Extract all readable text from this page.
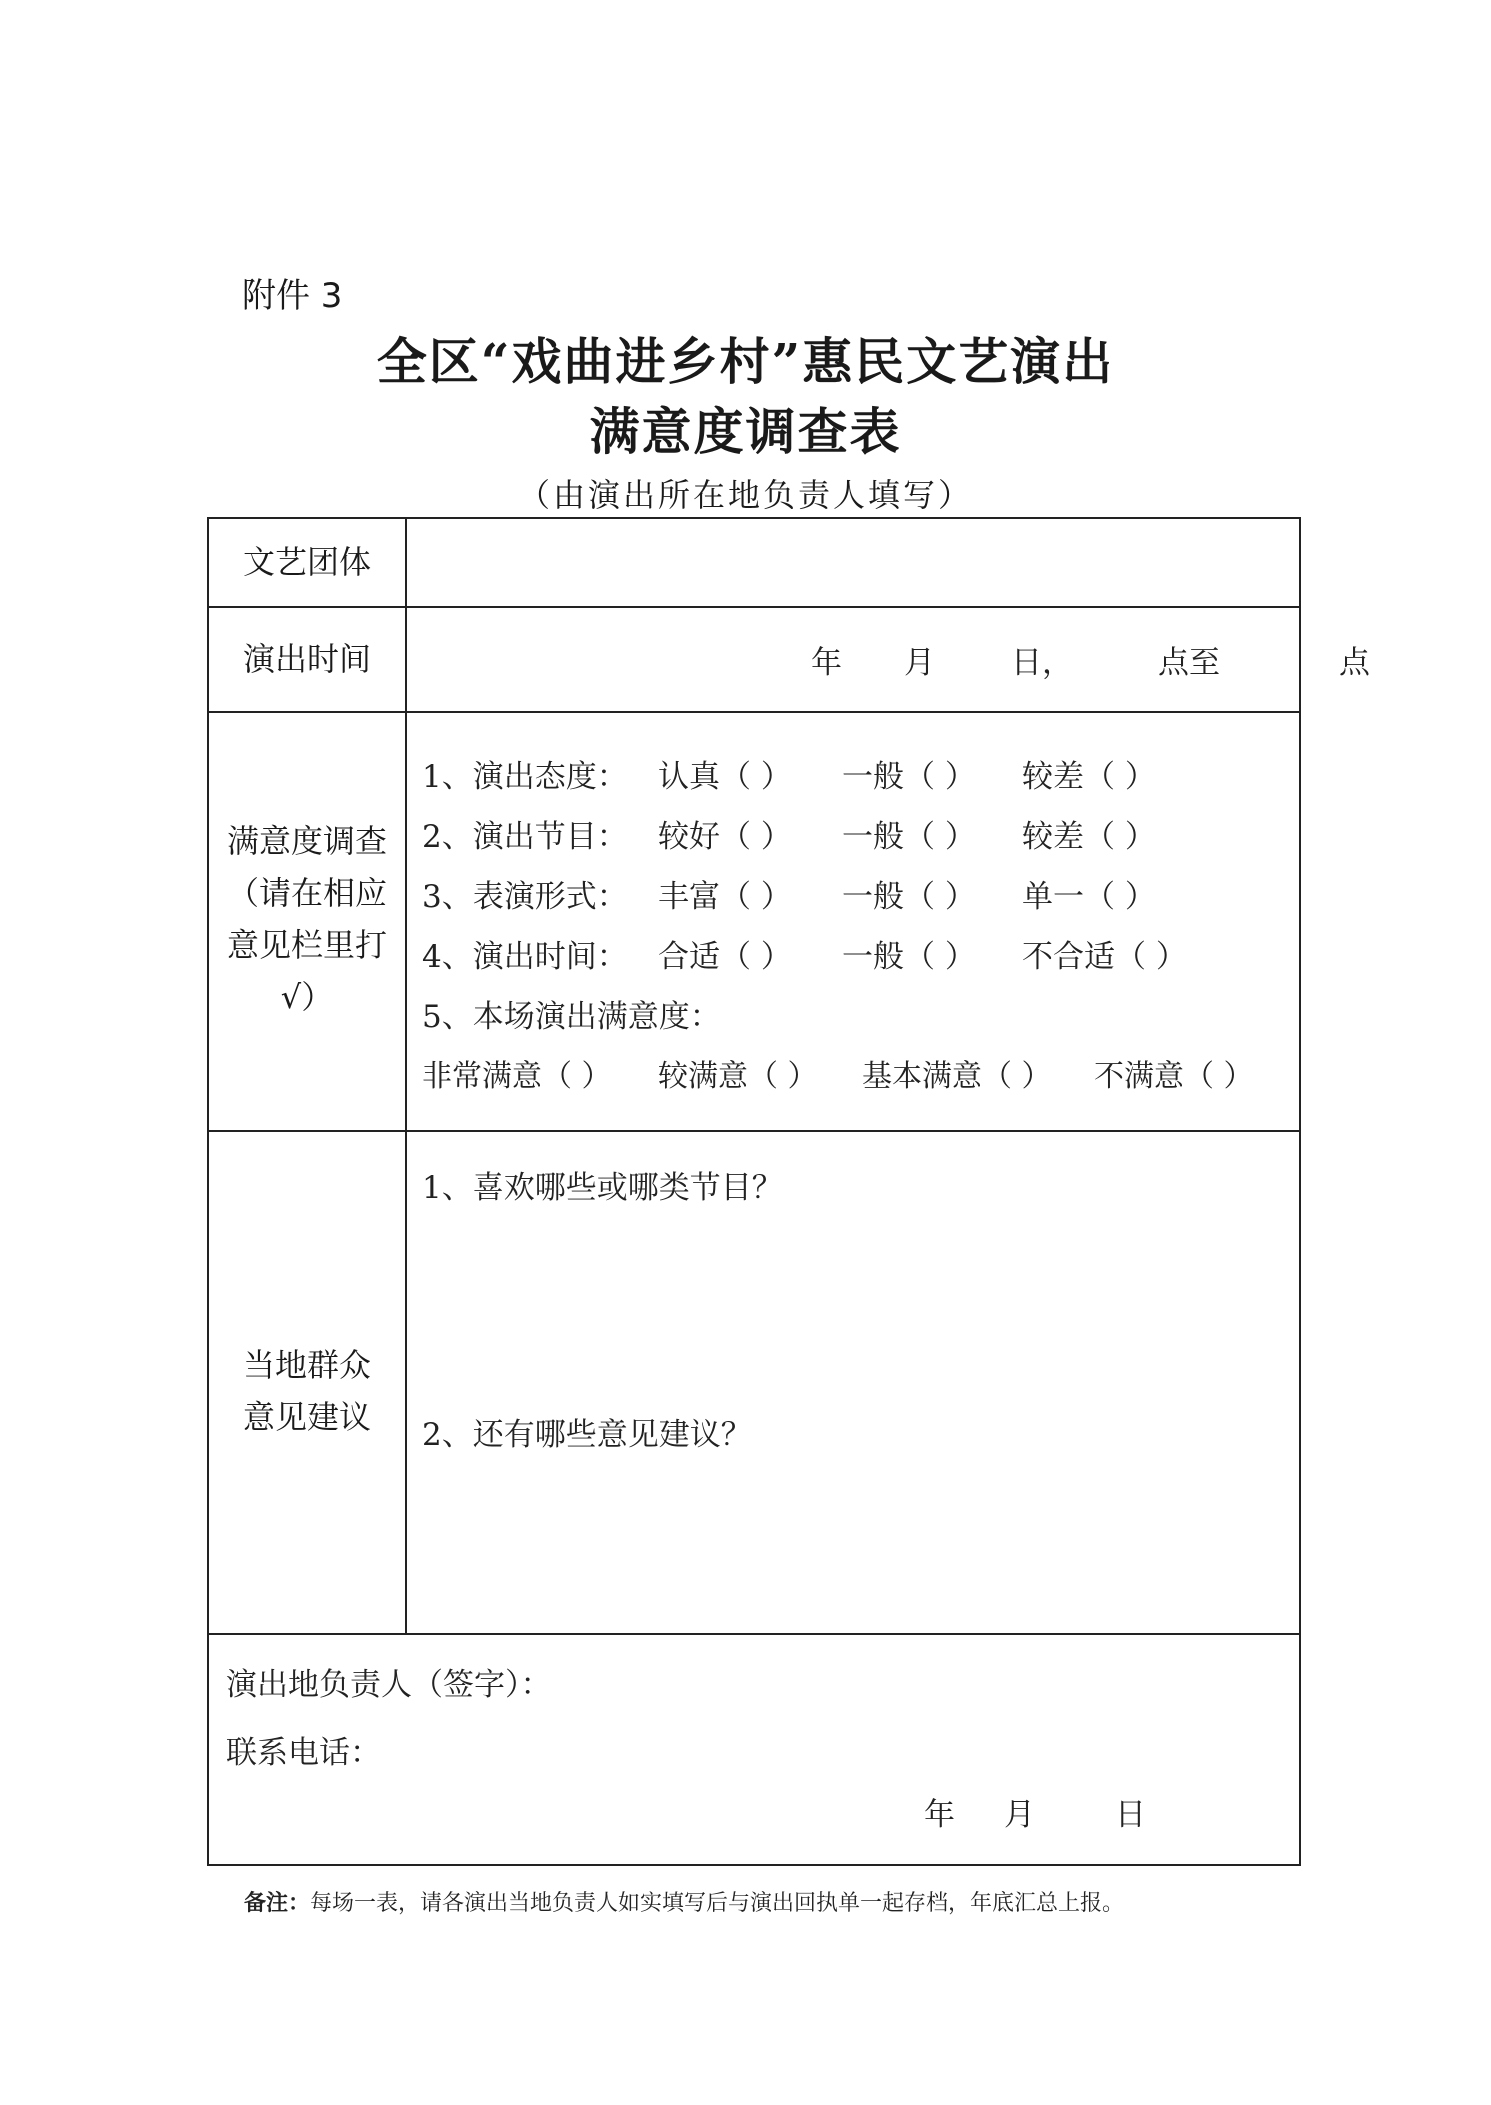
附件 3
全区“戏曲进乡村”惠民文艺演出
满意度调查表
（由演出所在地负责人填写）
文艺团体
演出时间	年 月 日，	点至	点
满意度调查
（请在相应
意见栏里打
√）
1、演出态度： 认真（ ） 一般（ ） 较差（ ）
2、演出节目： 较好（ ） 一般（ ） 较差（ ）
3、表演形式： 丰富（ ） 一般（ ） 单一（ ）
4、演出时间： 合适（ ） 一般（ ） 不合适（ ）
5、本场演出满意度：
非常满意（ ） 较满意（ ） 基本满意（ ） 不满意（ ）
当地群众
意见建议
1、喜欢哪些或哪类节目？
2、还有哪些意见建议？
演出地负责人（签字）：
联系电话：
年 月	日
备注：每场一表，请各演出当地负责人如实填写后与演出回执单一起存档，年底汇总上报。
